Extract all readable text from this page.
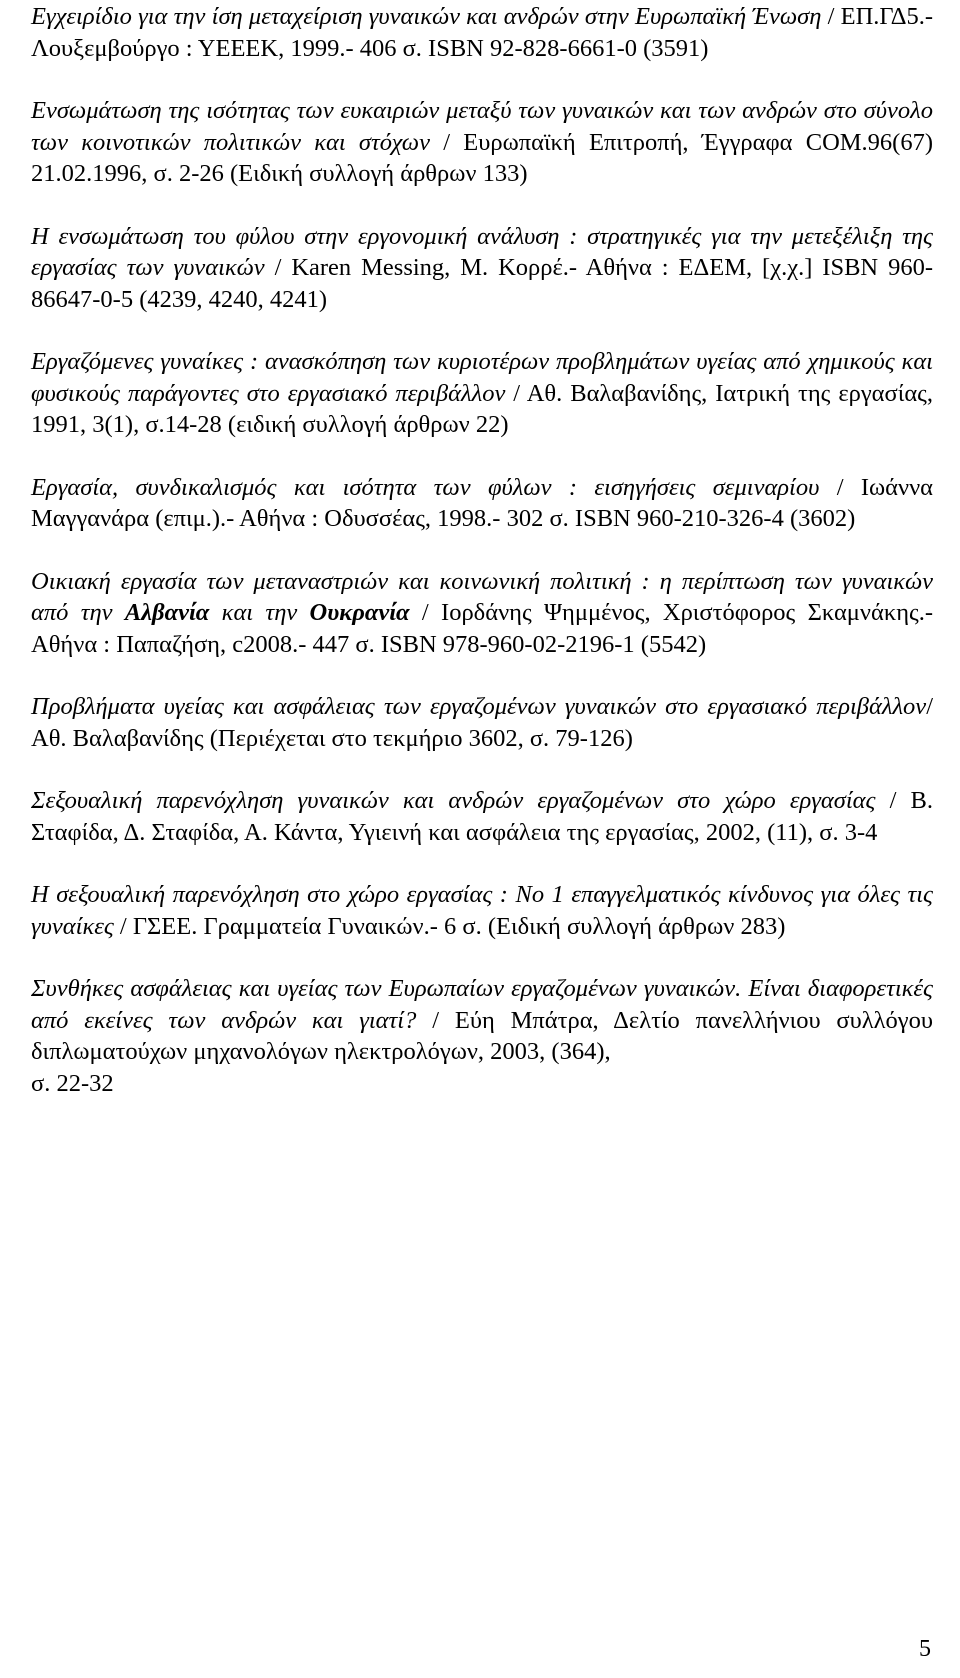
Εγχειρίδιο για την ίση μεταχείριση γυναικών και ανδρών στην Ευρωπαϊκή Ένωση / ΕΠ.ΓΔ5.- Λουξεμβούργο : ΥΕΕΕΚ, 1999.- 406 σ. ISBN 92-828-6661-0 (3591)

Ενσωμάτωση της ισότητας των ευκαιριών μεταξύ των γυναικών και των ανδρών στο σύνολο των κοινοτικών πολιτικών και στόχων / Ευρωπαϊκή Επιτροπή, Έγγραφα COM.96(67) 21.02.1996, σ. 2-26 (Ειδική συλλογή άρθρων 133)

Η ενσωμάτωση του φύλου στην εργονομική ανάλυση : στρατηγικές για την μετεξέλιξη της εργασίας των γυναικών / Karen Messing, M. Κορρέ.- Αθήνα : ΕΔΕΜ, [χ.χ.] ISBN 960-86647-0-5 (4239, 4240, 4241)

Εργαζόμενες γυναίκες : ανασκόπηση των κυριοτέρων προβλημάτων υγείας από χημικούς και φυσικούς παράγοντες στο εργασιακό περιβάλλον / Αθ. Βαλαβανίδης, Ιατρική της εργασίας, 1991, 3(1), σ.14-28 (ειδική συλλογή άρθρων 22)

Εργασία, συνδικαλισμός και ισότητα των φύλων : εισηγήσεις σεμιναρίου / Ιωάννα Μαγγανάρα (επιμ.).- Αθήνα : Οδυσσέας, 1998.- 302 σ. ISBN 960-210-326-4 (3602)

Οικιακή εργασία των μεταναστριών και κοινωνική πολιτική : η περίπτωση των γυναικών από την Αλβανία και την Ουκρανία / Ιορδάνης Ψημμένος, Χριστόφορος Σκαμνάκης.- Αθήνα : Παπαζήση, c2008.- 447 σ. ISBN 978-960-02-2196-1 (5542)

Προβλήματα υγείας και ασφάλειας των εργαζομένων γυναικών στο εργασιακό περιβάλλον/ Αθ. Βαλαβανίδης (Περιέχεται στο τεκμήριο 3602, σ. 79-126)

Σεξουαλική παρενόχληση γυναικών και ανδρών εργαζομένων στο χώρο εργασίας / Β. Σταφίδα, Δ. Σταφίδα, Α. Κάντα, Υγιεινή και ασφάλεια της εργασίας, 2002, (11), σ. 3-4

Η σεξουαλική παρενόχληση στο χώρο εργασίας : Νο 1 επαγγελματικός κίνδυνος για όλες τις γυναίκες / ΓΣΕΕ. Γραμματεία Γυναικών.- 6 σ. (Ειδική συλλογή άρθρων 283)

Συνθήκες ασφάλειας και υγείας των Ευρωπαίων εργαζομένων γυναικών. Είναι διαφορετικές από εκείνες των ανδρών και γιατί? / Εύη Μπάτρα, Δελτίο πανελλήνιου συλλόγου διπλωματούχων μηχανολόγων ηλεκτρολόγων, 2003, (364),
σ. 22-32

5
